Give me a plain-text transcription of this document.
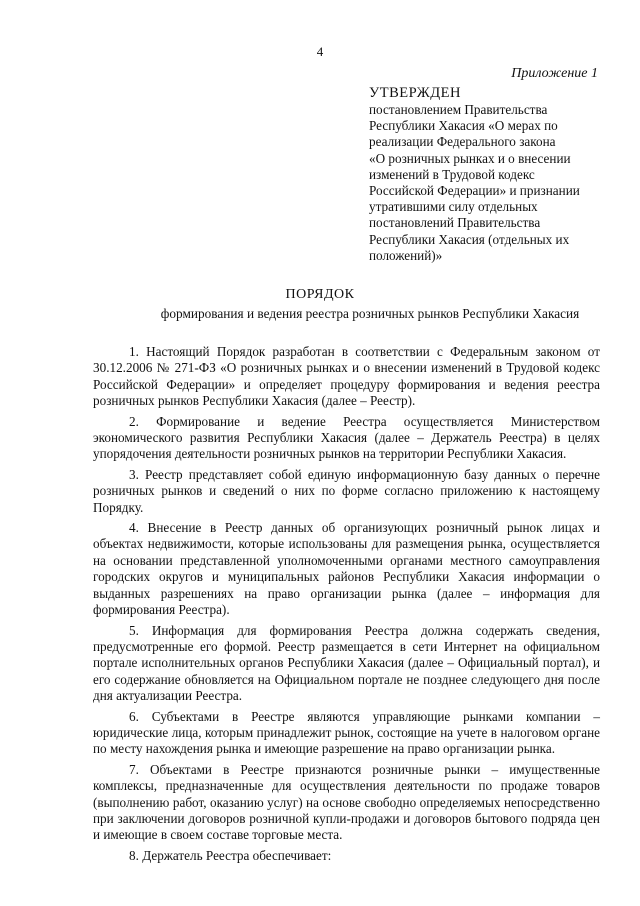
4
Приложение 1

УТВЕРЖДЕН

постановлением Правительства

Республики Хакасия «О мерах по

реализации Федерального закона

«О розничных рынках и о внесении

изменений в Трудовой кодекс

Российской Федерации» и признании

утратившими силу отдельных

постановлений Правительства

Республики Хакасия (отдельных их

положений)»

ПОРЯДОК
формирования и ведения реестра розничных рынков Республики Хакасия

1. Настоящий Порядок разработан в соответствии с Федеральным законом от 30.12.2006 № 271-ФЗ «О розничных рынках и о внесении изменений в Трудовой кодекс Российской Федерации» и определяет процедуру формирования и ведения реестра розничных рынков Республики Хакасия (далее – Реестр).

2. Формирование и ведение Реестра осуществляется Министерством экономического развития Республики Хакасия (далее – Держатель Реестра) в целях упорядочения деятельности розничных рынков на территории Республики Хакасия.

3. Реестр представляет собой единую информационную базу данных о перечне розничных рынков и сведений о них по форме согласно приложению к настоящему Порядку.

4. Внесение в Реестр данных об организующих розничный рынок лицах и объектах недвижимости, которые использованы для размещения рынка, осуществляется на основании представленной уполномоченными органами местного самоуправления городских округов и муниципальных районов Республики Хакасия информации о выданных разрешениях на право организации рынка (далее – информация для формирования Реестра).

5. Информация для формирования Реестра должна содержать сведения, предусмотренные его формой. Реестр размещается в сети Интернет на официальном портале исполнительных органов Республики Хакасия (далее – Официальный портал), и его содержание обновляется на Официальном портале не позднее следующего дня после дня актуализации Реестра.

6. Субъектами в Реестре являются управляющие рынками компании – юридические лица, которым принадлежит рынок, состоящие на учете в налоговом органе по месту нахождения рынка и имеющие разрешение на право организации рынка.

7. Объектами в Реестре признаются розничные рынки – имущественные комплексы, предназначенные для осуществления деятельности по продаже товаров (выполнению работ, оказанию услуг) на основе свободно определяемых непосредственно при заключении договоров розничной купли-продажи и договоров бытового подряда цен и имеющие в своем составе торговые места.

8. Держатель Реестра обеспечивает:
